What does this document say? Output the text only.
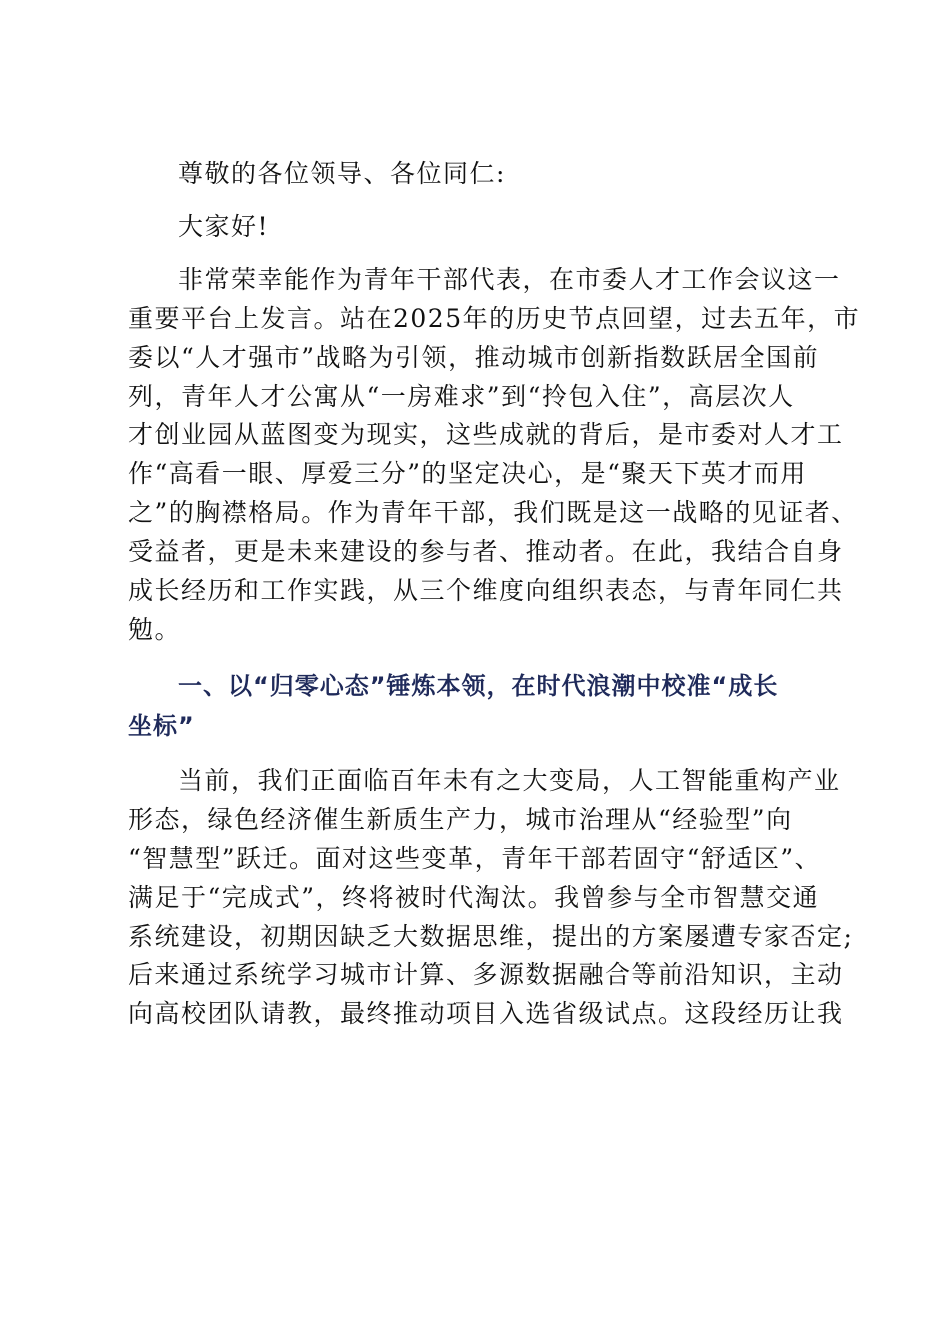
尊敬的各位领导、各位同仁:
大家好!
非常荣幸能作为青年干部代表，在市委人才工作会议这一
重要平台上发言。站在2025年的历史节点回望，过去五年，市
委以“人才强市”战略为引领，推动城市创新指数跃居全国前
列，青年人才公寓从“一房难求”到“拎包入住”，高层次人
才创业园从蓝图变为现实，这些成就的背后，是市委对人才工
作“高看一眼、厚爱三分”的坚定决心，是“聚天下英才而用
之”的胸襟格局。作为青年干部，我们既是这一战略的见证者、
受益者，更是未来建设的参与者、推动者。在此，我结合自身
成长经历和工作实践，从三个维度向组织表态，与青年同仁共
勉。
一、以“归零心态”锤炼本领，在时代浪潮中校准“成长
坐标”
当前，我们正面临百年未有之大变局，人工智能重构产业
形态，绿色经济催生新质生产力，城市治理从“经验型”向
“智慧型”跃迁。面对这些变革，青年干部若固守“舒适区”、
满足于“完成式”，终将被时代淘汰。我曾参与全市智慧交通
系统建设，初期因缺乏大数据思维，提出的方案屡遭专家否定;
后来通过系统学习城市计算、多源数据融合等前沿知识，主动
向高校团队请教，最终推动项目入选省级试点。这段经历让我
